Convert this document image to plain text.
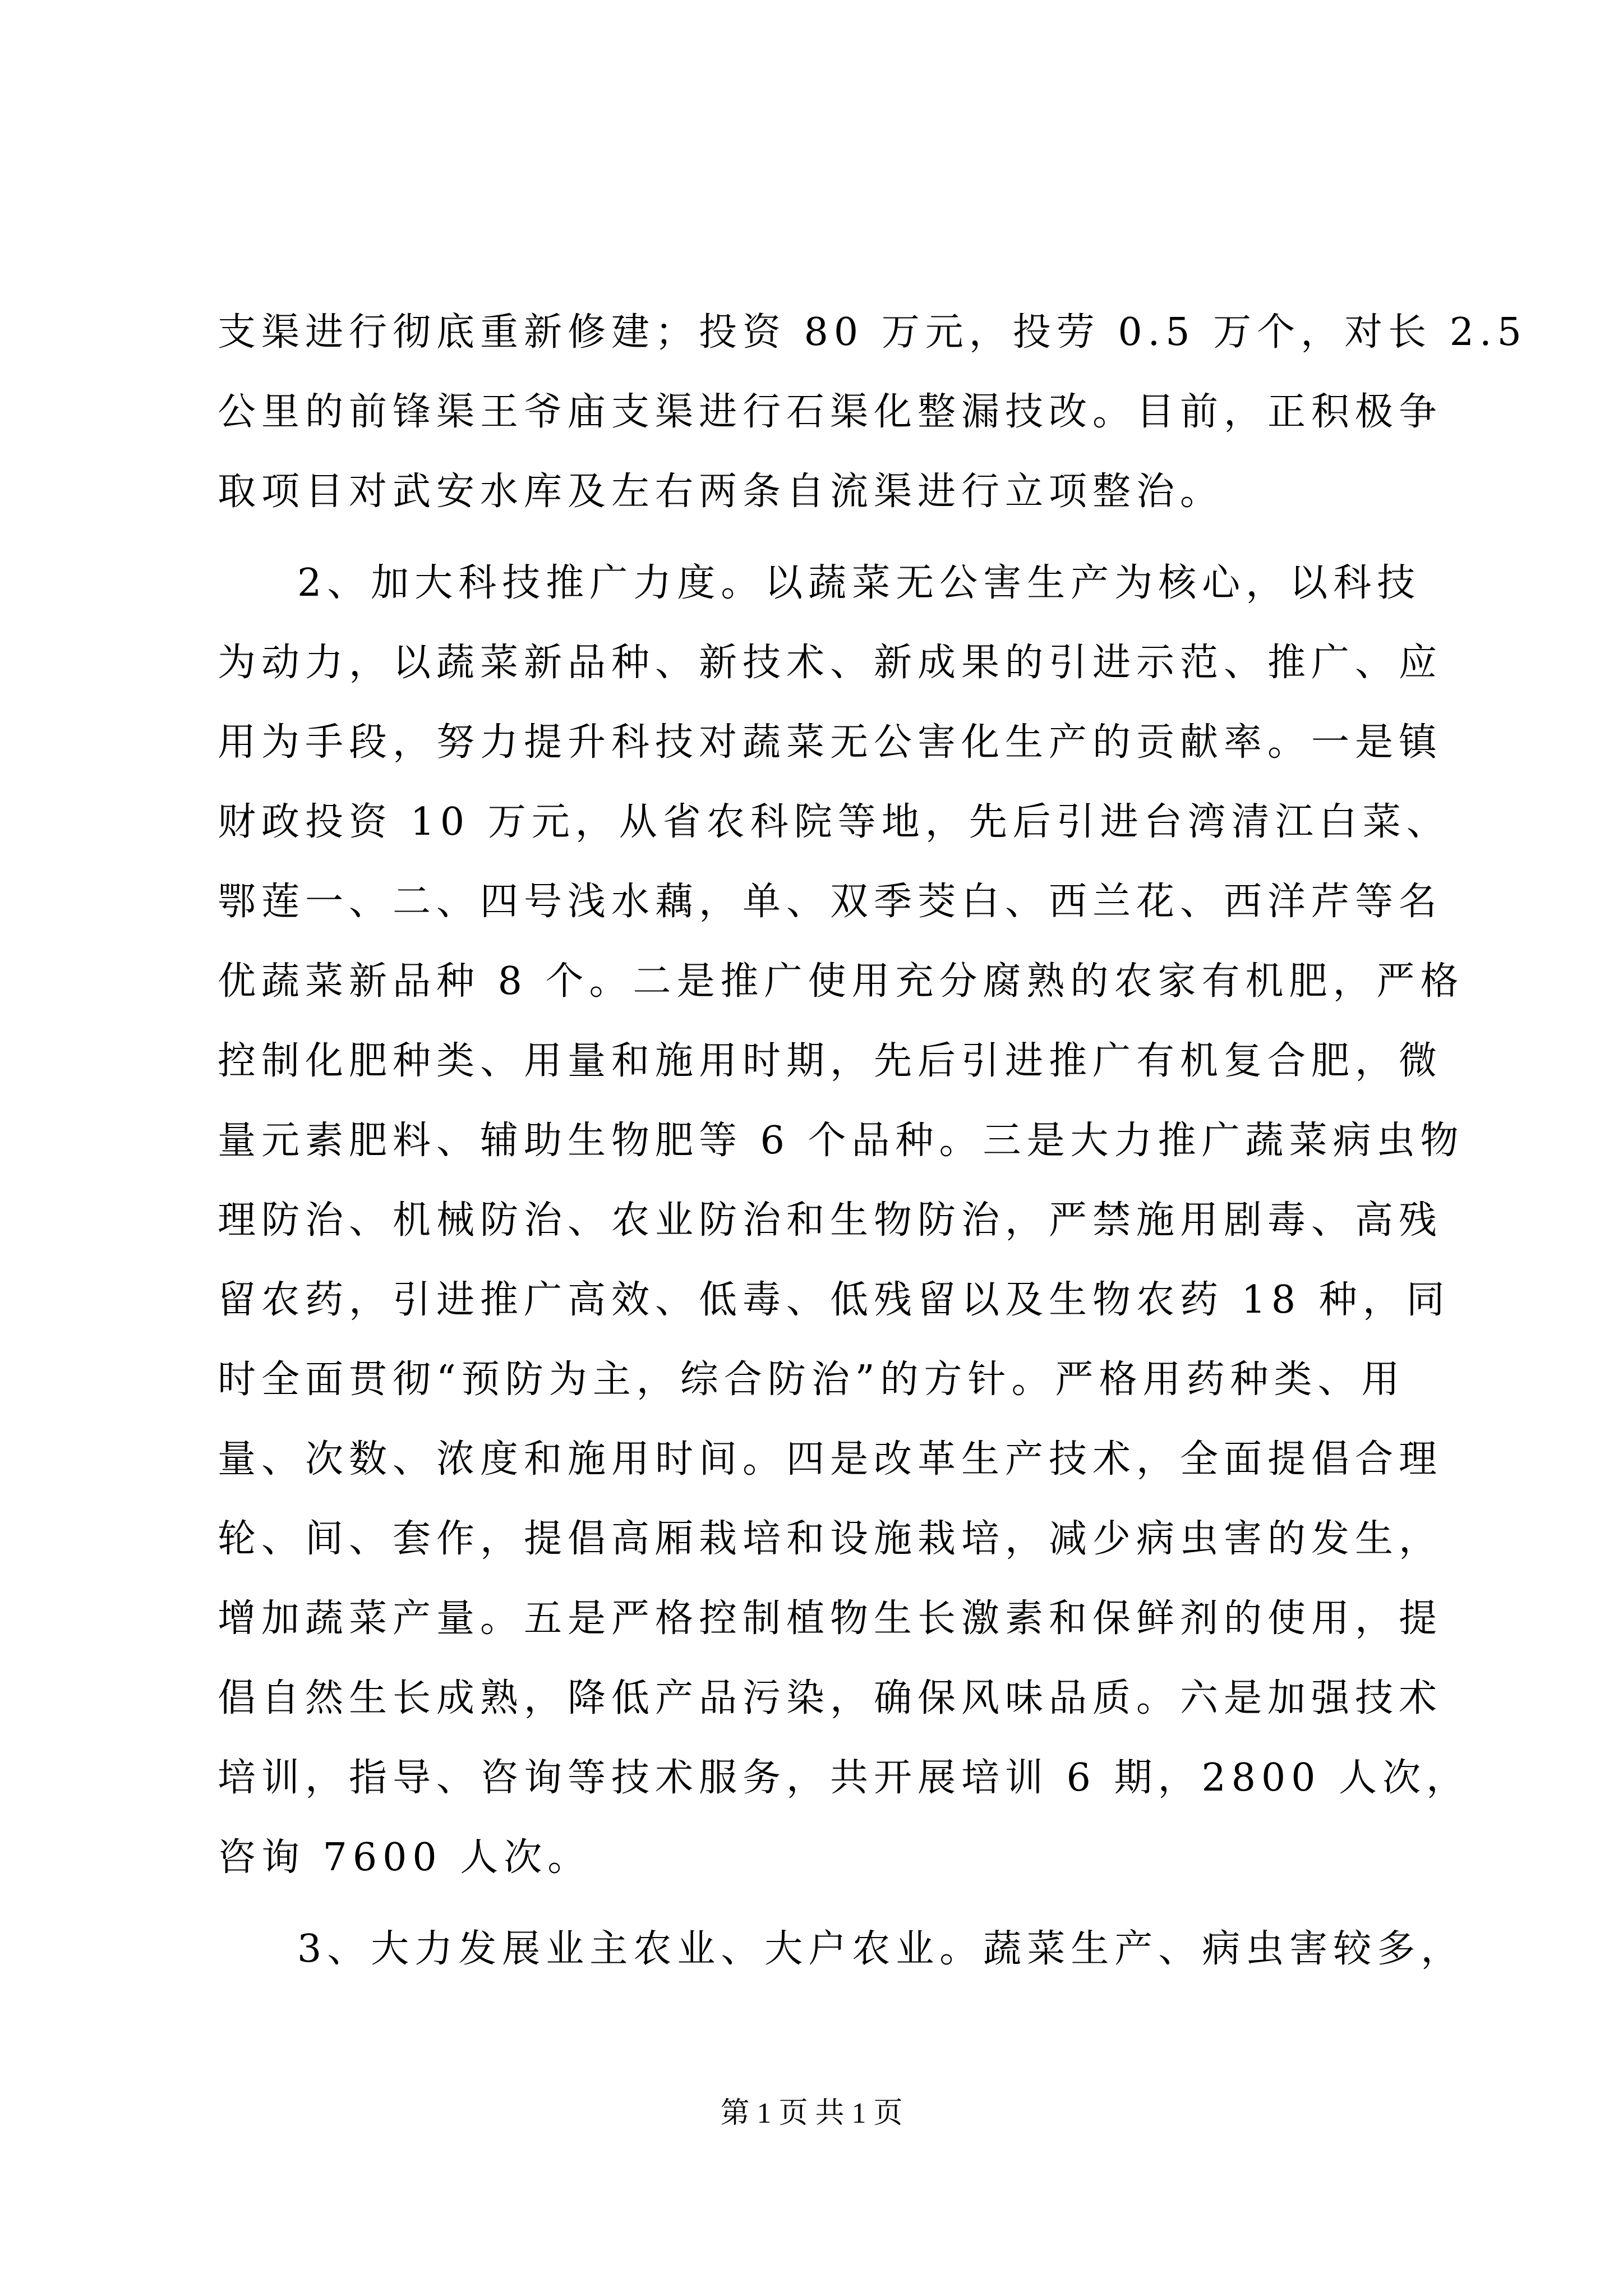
支渠进行彻底重新修建；投资 80 万元，投劳 0.5 万个，对长 2.5
公里的前锋渠王爷庙支渠进行石渠化整漏技改。目前，正积极争
取项目对武安水库及左右两条自流渠进行立项整治。
2、加大科技推广力度。以蔬菜无公害生产为核心，以科技
为动力，以蔬菜新品种、新技术、新成果的引进示范、推广、应
用为手段，努力提升科技对蔬菜无公害化生产的贡献率。一是镇
财政投资 10 万元，从省农科院等地，先后引进台湾清江白菜、
鄂莲一、二、四号浅水藕，单、双季茭白、西兰花、西洋芹等名
优蔬菜新品种 8 个。二是推广使用充分腐熟的农家有机肥，严格
控制化肥种类、用量和施用时期，先后引进推广有机复合肥，微
量元素肥料、辅助生物肥等 6 个品种。三是大力推广蔬菜病虫物
理防治、机械防治、农业防治和生物防治，严禁施用剧毒、高残
留农药，引进推广高效、低毒、低残留以及生物农药 18 种，同
时全面贯彻“预防为主，综合防治”的方针。严格用药种类、用
量、次数、浓度和施用时间。四是改革生产技术，全面提倡合理
轮、间、套作，提倡高厢栽培和设施栽培，减少病虫害的发生，
增加蔬菜产量。五是严格控制植物生长激素和保鲜剂的使用，提
倡自然生长成熟，降低产品污染，确保风味品质。六是加强技术
培训，指导、咨询等技术服务，共开展培训 6 期，2800 人次，
咨询 7600 人次。
3、大力发展业主农业、大户农业。蔬菜生产、病虫害较多，
第 1 页 共 1 页
